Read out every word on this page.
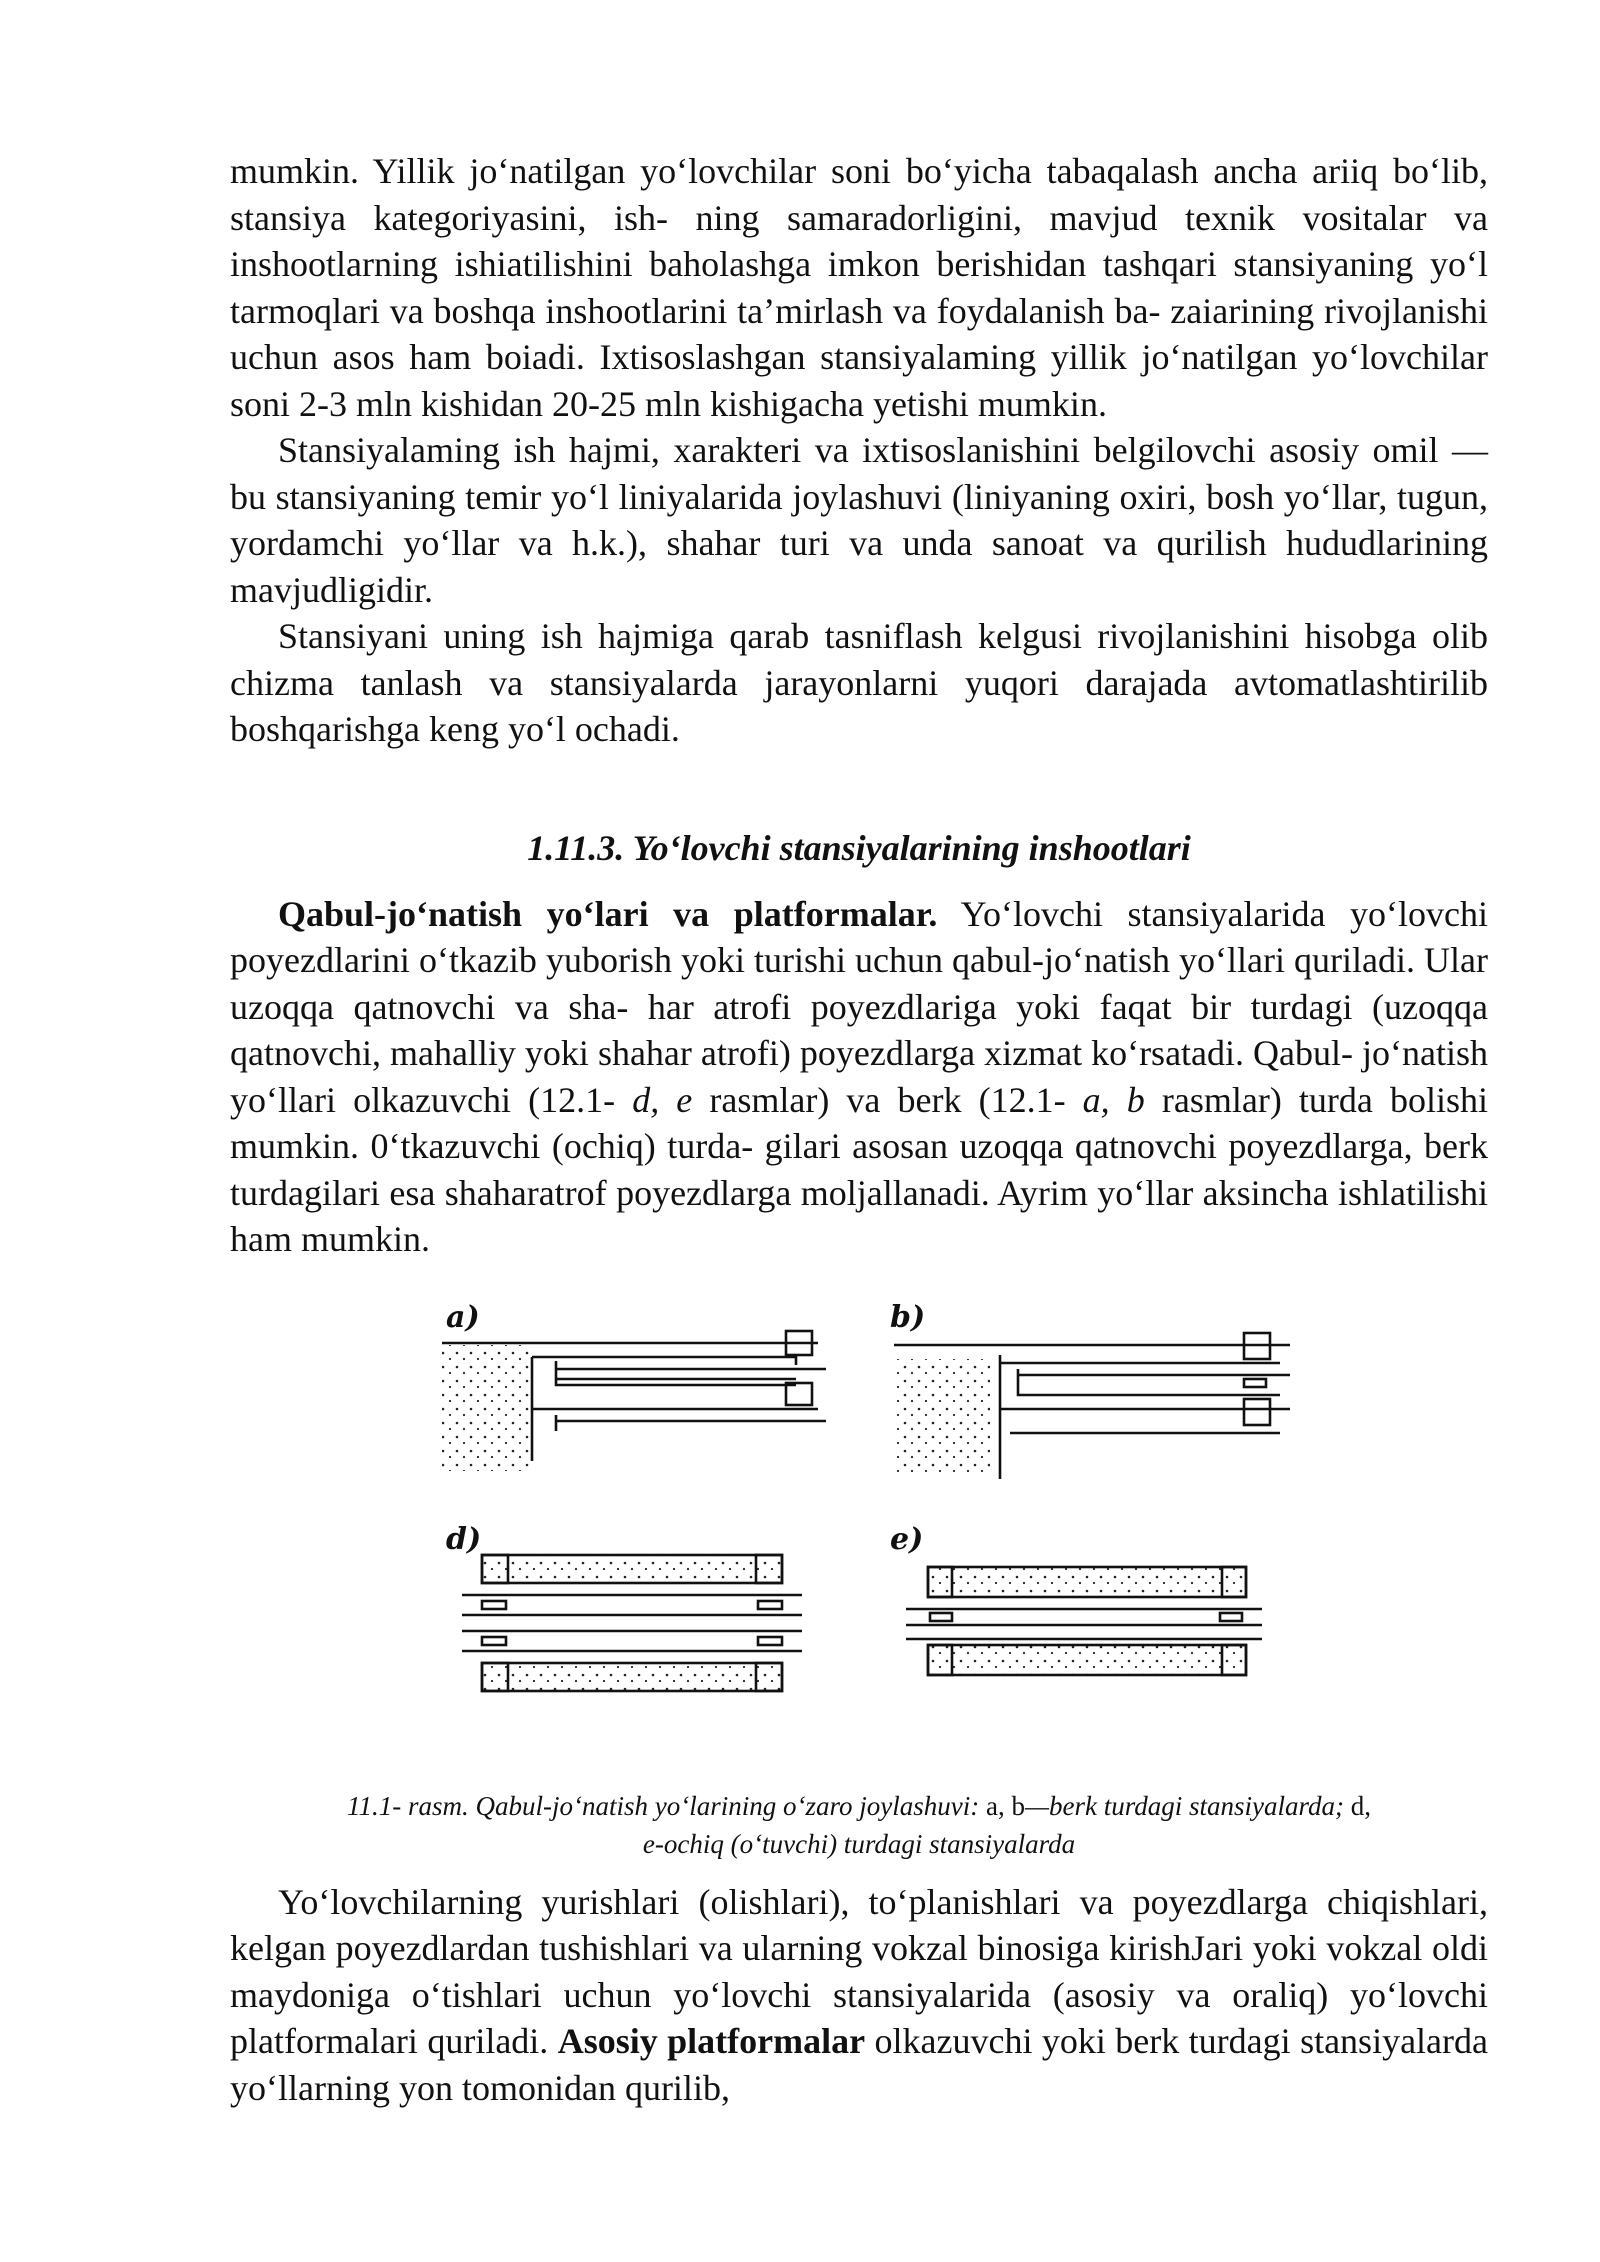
mumkin. Yillik jo‘natilgan yo‘lovchilar soni bo‘yicha tabaqalash ancha ariiq bo‘lib, stansiya kategoriyasini, ish- ning samaradorligini, mavjud texnik vositalar va inshootlarning ishiatilishini baholashga imkon berishidan tashqari stansiyaning yo‘l tarmoqlari va boshqa inshootlarini ta’mirlash va foydalanish ba- zaiarining rivojlanishi uchun asos ham boiadi. Ixtisoslashgan stansiyalaming yillik jo‘natilgan yo‘lovchilar soni 2-3 mln kishidan 20-25 mln kishigacha yetishi mumkin.

Stansiyalaming ish hajmi, xarakteri va ixtisoslanishini belgilovchi asosiy omil — bu stansiyaning temir yo‘l liniyalarida joylashuvi (liniyaning oxiri, bosh yo‘llar, tugun, yordamchi yo‘llar va h.k.), shahar turi va unda sanoat va qurilish hududlarining mavjudligidir.

Stansiyani uning ish hajmiga qarab tasniflash kelgusi rivojlanishini hisobga olib chizma tanlash va stansiyalarda jarayonlarni yuqori darajada avtomatlashtirilib boshqarishga keng yo‘l ochadi.

1.11.3. Yo‘lovchi stansiyalarining inshootlari

Qabul-jo‘natish yo‘lari va platformalar. Yo‘lovchi stansiyalarida yo‘lovchi poyezdlarini o‘tkazib yuborish yoki turishi uchun qabul-jo‘natish yo‘llari quriladi. Ular uzoqqa qatnovchi va sha- har atrofi poyezdlariga yoki faqat bir turdagi (uzoqqa qatnovchi, mahalliy yoki shahar atrofi) poyezdlarga xizmat ko‘rsatadi. Qabul- jo‘natish yo‘llari olkazuvchi (12.1- d, e rasmlar) va berk (12.1- a, b rasmlar) turda bolishi mumkin. 0‘tkazuvchi (ochiq) turda- gilari asosan uzoqqa qatnovchi poyezdlarga, berk turdagilari esa shaharatrof poyezdlarga moljallanadi. Ayrim yo‘llar aksincha ishlatilishi ham mumkin.

a)	b)
d)	e)
11.1- rasm. Qabul-jo‘natish yo‘larining o‘zaro joylashuvi: a, b—berk turdagi stansiyalarda; d,
e-ochiq (o‘tuvchi) turdagi stansiyalarda

Yo‘lovchilarning yurishlari (olishlari), to‘planishlari va poyezdlarga chiqishlari, kelgan poyezdlardan tushishlari va ularning vokzal binosiga kirishJari yoki vokzal oldi maydoniga o‘tishlari uchun yo‘lovchi stansiyalarida (asosiy va oraliq) yo‘lovchi platformalari quriladi. Asosiy platformalar olkazuvchi yoki berk turdagi stansiyalarda yo‘llarning yon tomonidan qurilib,
